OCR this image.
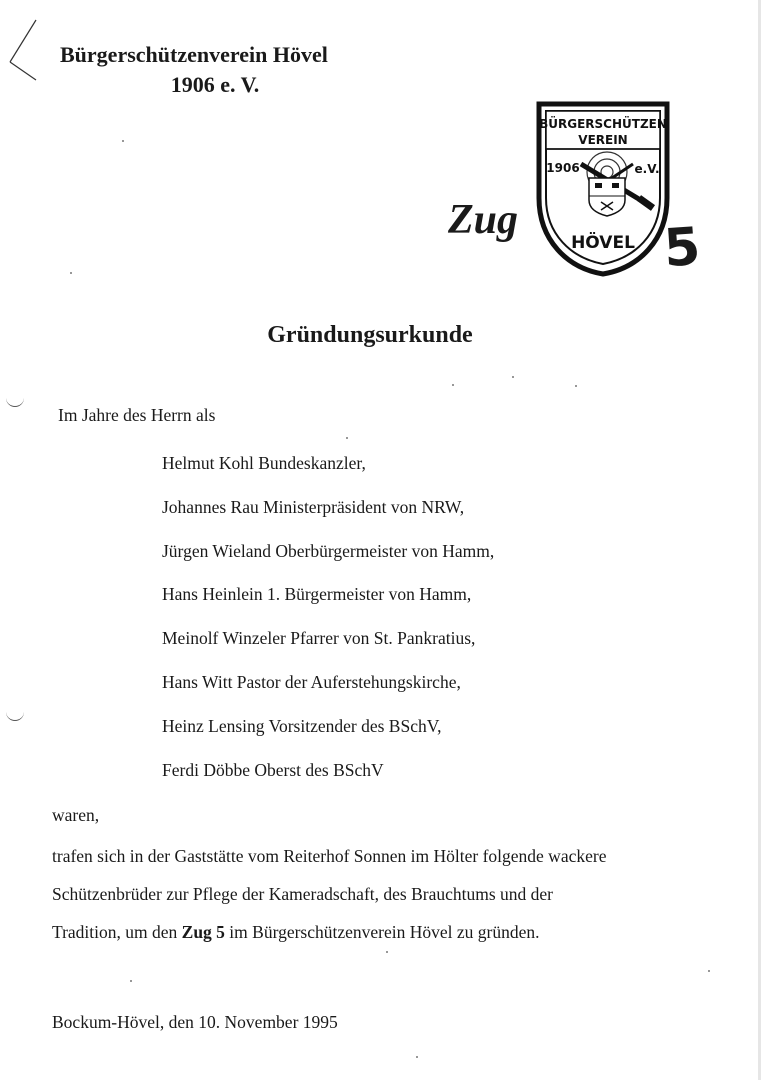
Bürgerschützenverein Hövel
1906 e. V.
Zug
BÜRGERSCHÜTZEN
VEREIN
1906	e.V.
HÖVEL 5
Gründungsurkunde
Im Jahre des Herrn als
Helmut Kohl Bundeskanzler,
Johannes Rau Ministerpräsident von NRW,
Jürgen Wieland Oberbürgermeister von Hamm,
Hans Heinlein 1. Bürgermeister von Hamm,
Meinolf Winzeler Pfarrer von St. Pankratius,
Hans Witt Pastor der Auferstehungskirche,
Heinz Lensing Vorsitzender des BSchV,
Ferdi Döbbe Oberst des BSchV
waren,
trafen sich in der Gaststätte vom Reiterhof Sonnen im Hölter folgende wackere
Schützenbrüder zur Pflege der Kameradschaft, des Brauchtums und der
Tradition, um den Zug 5 im Bürgerschützenverein Hövel zu gründen.
Bockum-Hövel, den 10. November 1995
